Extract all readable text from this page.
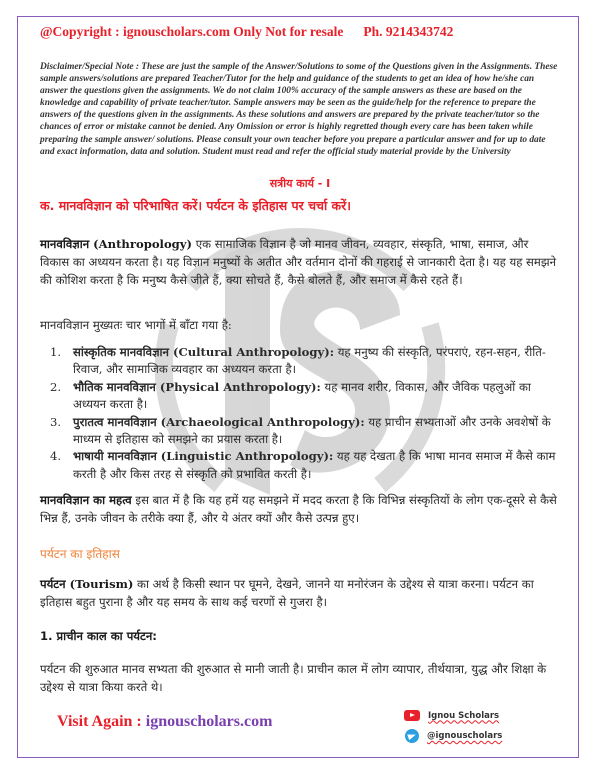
@Copyright : ignouscholars.com Only Not for resale Ph. 9214343742
Disclaimer/Special Note : These are just the sample of the Answer/Solutions to some of the Questions given in the Assignments. These sample answers/solutions are prepared Teacher/Tutor for the help and guidance of the students to get an idea of how he/she can answer the questions given the assignments. We do not claim 100% accuracy of the sample answers as these are based on the knowledge and capability of private teacher/tutor. Sample answers may be seen as the guide/help for the reference to prepare the answers of the questions given in the assignments. As these solutions and answers are prepared by the private teacher/tutor so the chances of error or mistake cannot be denied. Any Omission or error is highly regretted though every care has been taken while preparing the sample answer/ solutions. Please consult your own teacher before you prepare a particular answer and for up to date and exact information, data and solution. Student must read and refer the official study material provide by the University
सत्रीय कार्य - I
क. मानवविज्ञान को परिभाषित करें। पर्यटन के इतिहास पर चर्चा करें।
मानवविज्ञान (Anthropology) एक सामाजिक विज्ञान है जो मानव जीवन, व्यवहार, संस्कृति, भाषा, समाज, और विकास का अध्ययन करता है। यह विज्ञान मनुष्यों के अतीत और वर्तमान दोनों की गहराई से जानकारी देता है। यह यह समझने की कोशिश करता है कि मनुष्य कैसे जीते हैं, क्या सोचते हैं, कैसे बोलते हैं, और समाज में कैसे रहते हैं।
मानवविज्ञान मुख्यतः चार भागों में बाँटा गया है:
1. सांस्कृतिक मानवविज्ञान (Cultural Anthropology): यह मनुष्य की संस्कृति, परंपराएं, रहन-सहन, रीति-रिवाज, और सामाजिक व्यवहार का अध्ययन करता है।
2. भौतिक मानवविज्ञान (Physical Anthropology): यह मानव शरीर, विकास, और जैविक पहलुओं का अध्ययन करता है।
3. पुरातत्व मानवविज्ञान (Archaeological Anthropology): यह प्राचीन सभ्यताओं और उनके अवशेषों के माध्यम से इतिहास को समझने का प्रयास करता है।
4. भाषायी मानवविज्ञान (Linguistic Anthropology): यह यह देखता है कि भाषा मानव समाज में कैसे काम करती है और किस तरह से संस्कृति को प्रभावित करती है।
मानवविज्ञान का महत्व इस बात में है कि यह हमें यह समझने में मदद करता है कि विभिन्न संस्कृतियों के लोग एक-दूसरे से कैसे भिन्न हैं, उनके जीवन के तरीके क्या हैं, और ये अंतर क्यों और कैसे उत्पन्न हुए।
पर्यटन का इतिहास
पर्यटन (Tourism) का अर्थ है किसी स्थान पर घूमने, देखने, जानने या मनोरंजन के उद्देश्य से यात्रा करना। पर्यटन का इतिहास बहुत पुराना है और यह समय के साथ कई चरणों से गुजरा है।
1. प्राचीन काल का पर्यटन:
पर्यटन की शुरुआत मानव सभ्यता की शुरुआत से मानी जाती है। प्राचीन काल में लोग व्यापार, तीर्थयात्रा, युद्ध और शिक्षा के उद्देश्य से यात्रा किया करते थे।
Visit Again : ignouscholars.com	Ignou Scholars
@ignouscholars
